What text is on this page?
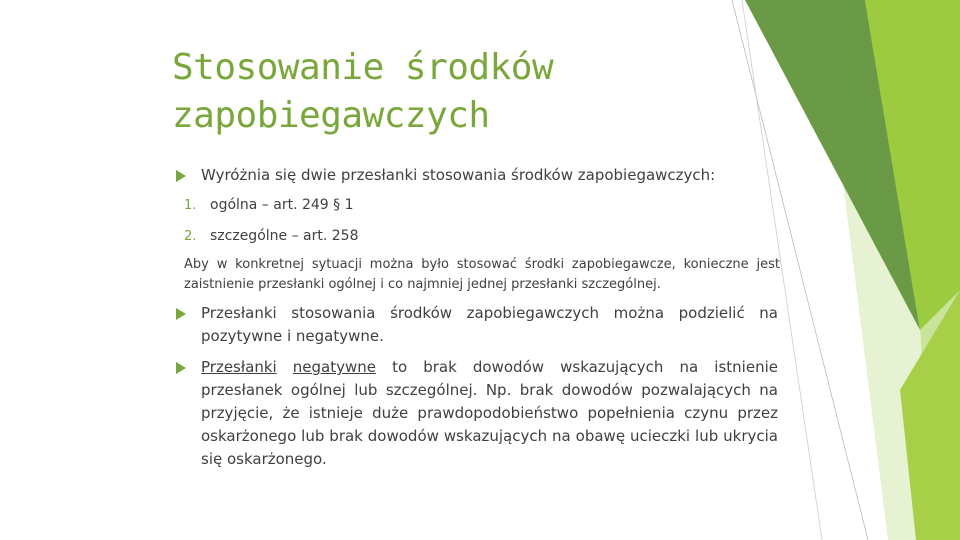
Stosowanie środków
zapobiegawczych
Wyróżnia się dwie przesłanki stosowania środków zapobiegawczych:
1. ogólna – art. 249 § 1
2. szczególne – art. 258
Aby w konkretnej sytuacji można było stosować środki zapobiegawcze, konieczne jest zaistnienie przesłanki ogólnej i co najmniej jednej przesłanki szczególnej.
Przesłanki stosowania środków zapobiegawczych można podzielić na pozytywne i negatywne.
Przesłanki negatywne to brak dowodów wskazujących na istnienie przesłanek ogólnej lub szczególnej. Np. brak dowodów pozwalających na przyjęcie, że istnieje duże prawdopodobieństwo popełnienia czynu przez oskarżonego lub brak dowodów wskazujących na obawę ucieczki lub ukrycia się oskarżonego.
